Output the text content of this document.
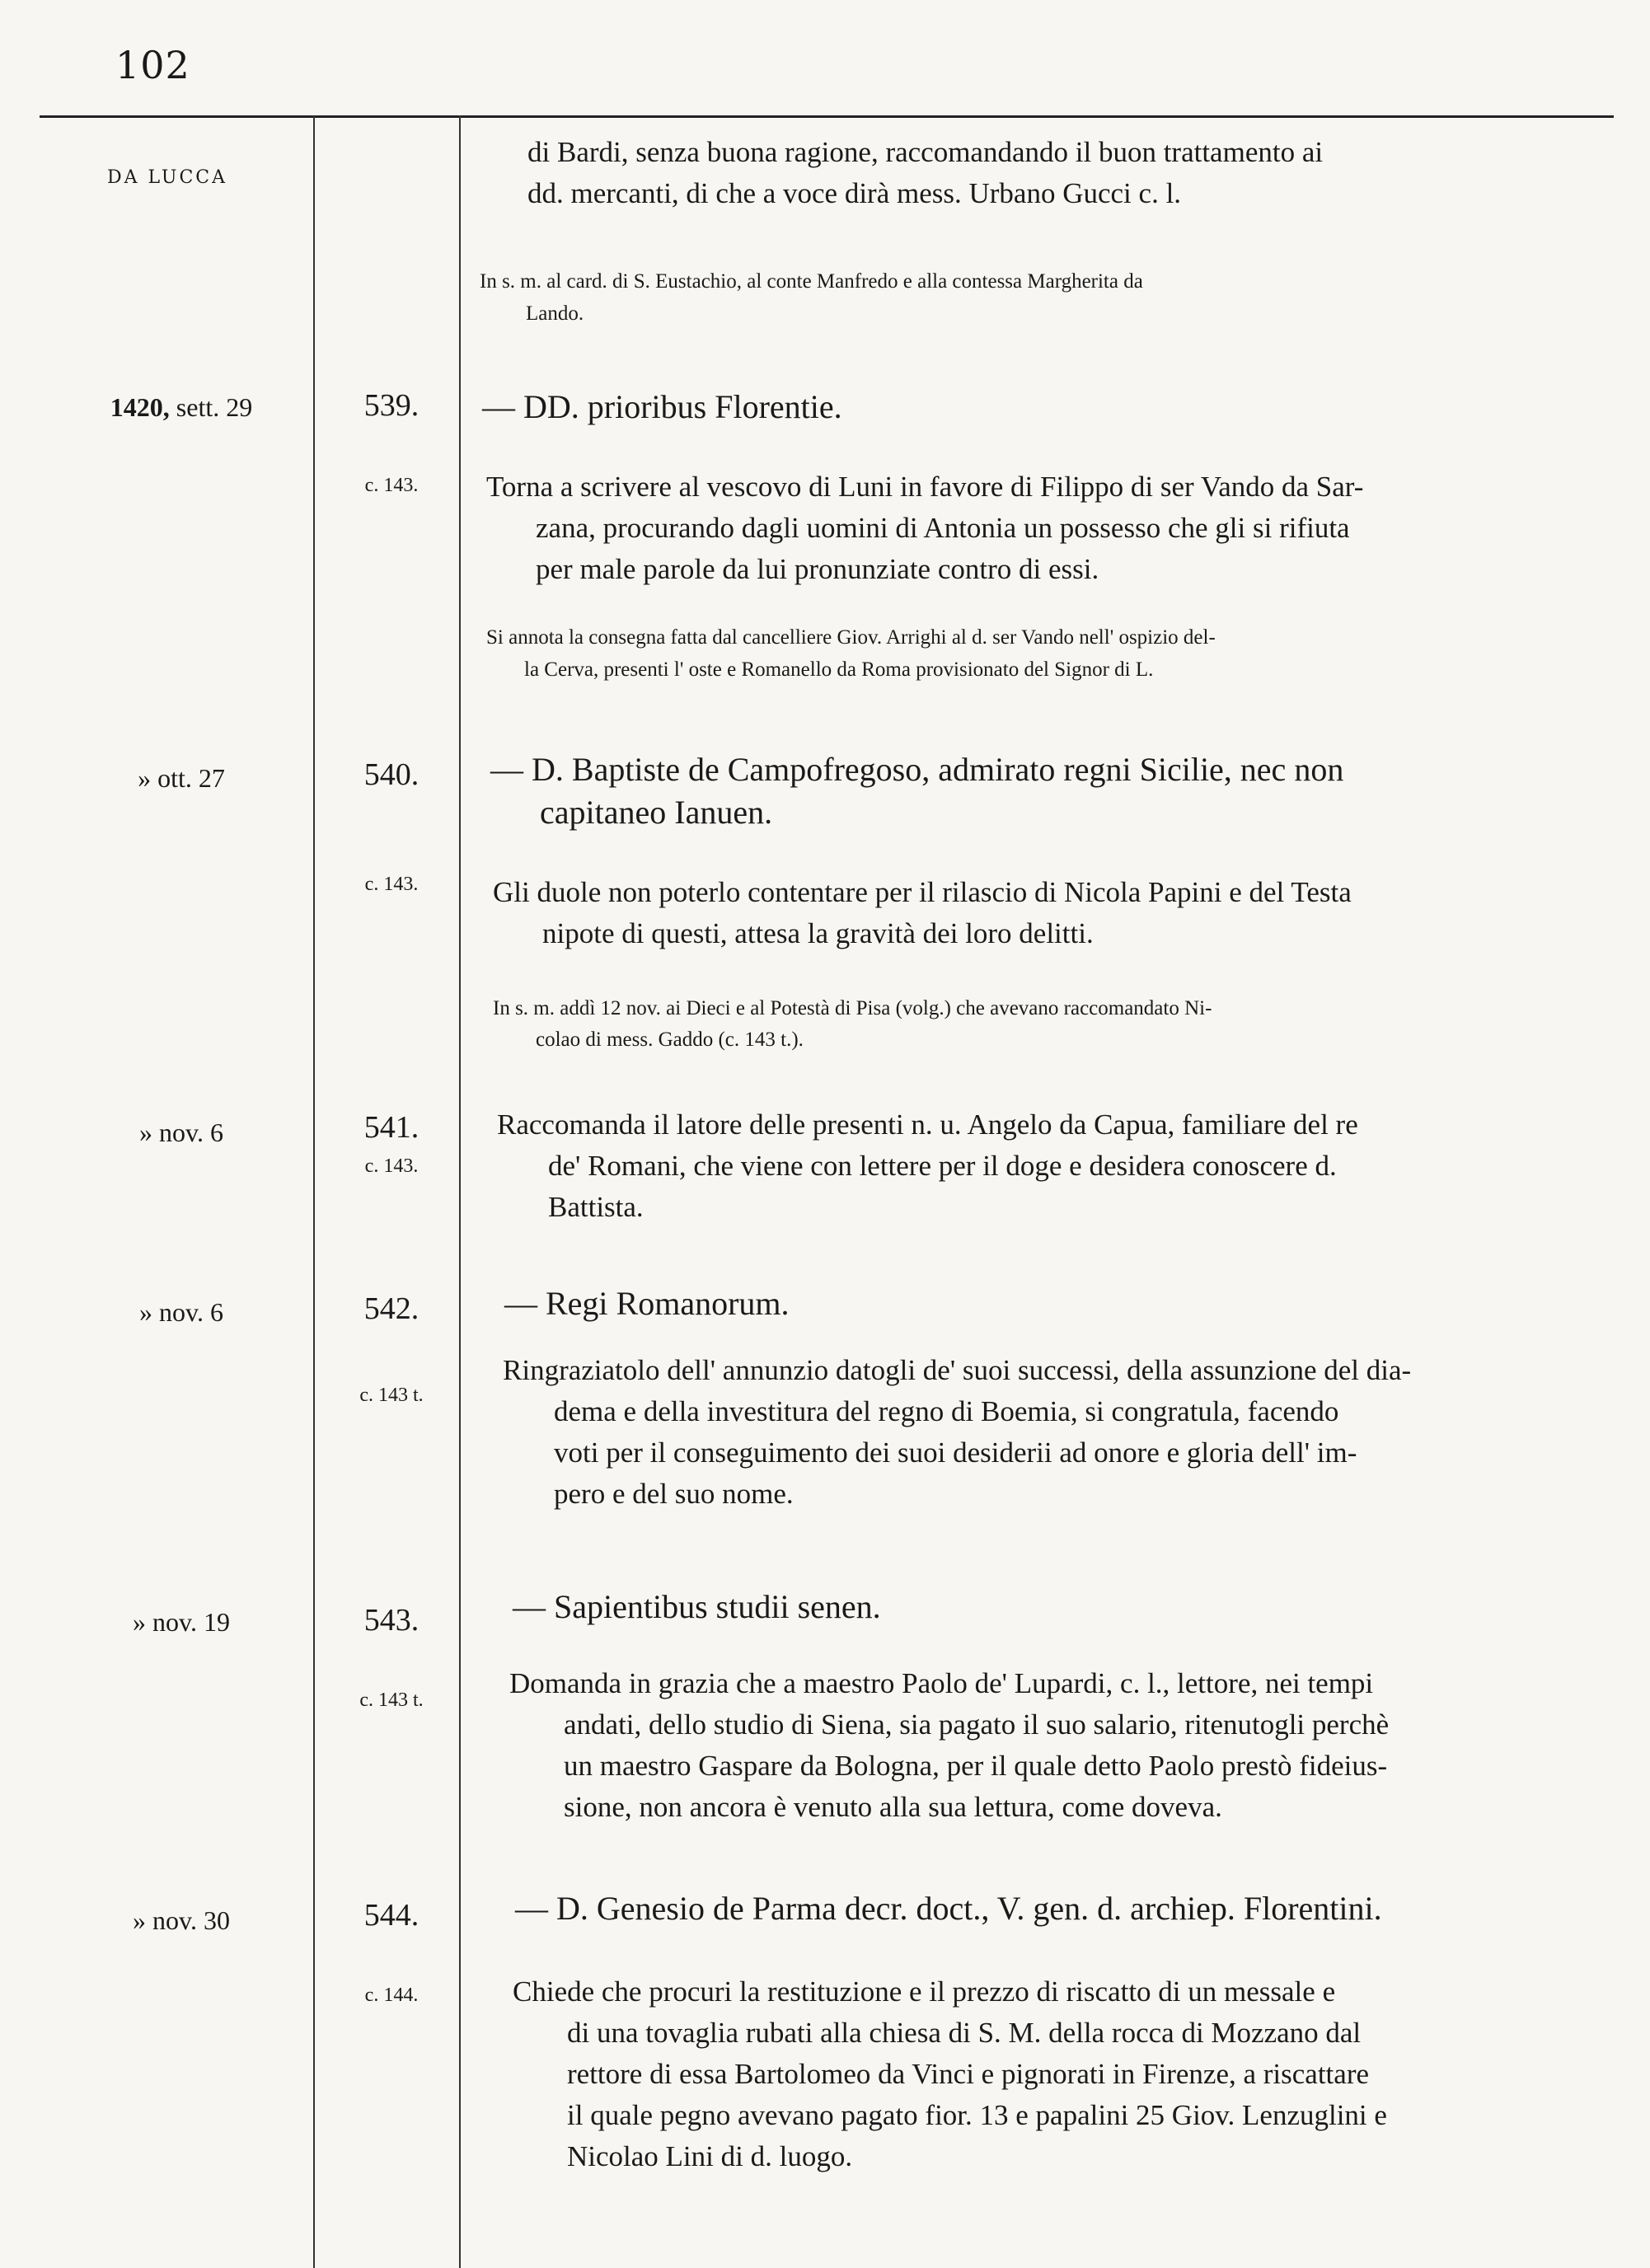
102
DA LUCCA
di Bardi, senza buona ragione, raccomandando il buon trattamento ai
dd. mercanti, di che a voce dirà mess. Urbano Gucci c. l.
In s. m. al card. di S. Eustachio, al conte Manfredo e alla contessa Margherita da
Lando.
1420, sett. 29	539.
c. 143.
— DD. prioribus Florentie.
Torna a scrivere al vescovo di Luni in favore di Filippo di ser Vando da Sar-
zana, procurando dagli uomini di Antonia un possesso che gli si rifiuta
per male parole da lui pronunziate contro di essi.
Si annota la consegna fatta dal cancelliere Giov. Arrighi al d. ser Vando nell' ospizio del-
la Cerva, presenti l' oste e Romanello da Roma provisionato del Signor di L.
» ott. 27	540.
c. 143.
— D. Baptiste de Campofregoso, admirato regni Sicilie, nec non
capitaneo Ianuen.
Gli duole non poterlo contentare per il rilascio di Nicola Papini e del Testa
nipote di questi, attesa la gravità dei loro delitti.
In s. m. addì 12 nov. ai Dieci e al Potestà di Pisa (volg.) che avevano raccomandato Ni-
colao di mess. Gaddo (c. 143 t.).
» nov. 6	541.
c. 143.
Raccomanda il latore delle presenti n. u. Angelo da Capua, familiare del re
de' Romani, che viene con lettere per il doge e desidera conoscere d.
Battista.
» nov. 6	542.
c. 143 t.
— Regi Romanorum.
Ringraziatolo dell' annunzio datogli de' suoi successi, della assunzione del dia-
dema e della investitura del regno di Boemia, si congratula, facendo
voti per il conseguimento dei suoi desiderii ad onore e gloria dell' im-
pero e del suo nome.
» nov. 19	543.
c. 143 t.
— Sapientibus studii senen.
Domanda in grazia che a maestro Paolo de' Lupardi, c. l., lettore, nei tempi
andati, dello studio di Siena, sia pagato il suo salario, ritenutogli perchè
un maestro Gaspare da Bologna, per il quale detto Paolo prestò fideius-
sione, non ancora è venuto alla sua lettura, come doveva.
» nov. 30	544.
c. 144.
— D. Genesio de Parma decr. doct., V. gen. d. archiep. Florentini.
Chiede che procuri la restituzione e il prezzo di riscatto di un messale e
di una tovaglia rubati alla chiesa di S. M. della rocca di Mozzano dal
rettore di essa Bartolomeo da Vinci e pignorati in Firenze, a riscattare
il quale pegno avevano pagato fior. 13 e papalini 25 Giov. Lenzuglini e
Nicolao Lini di d. luogo.
